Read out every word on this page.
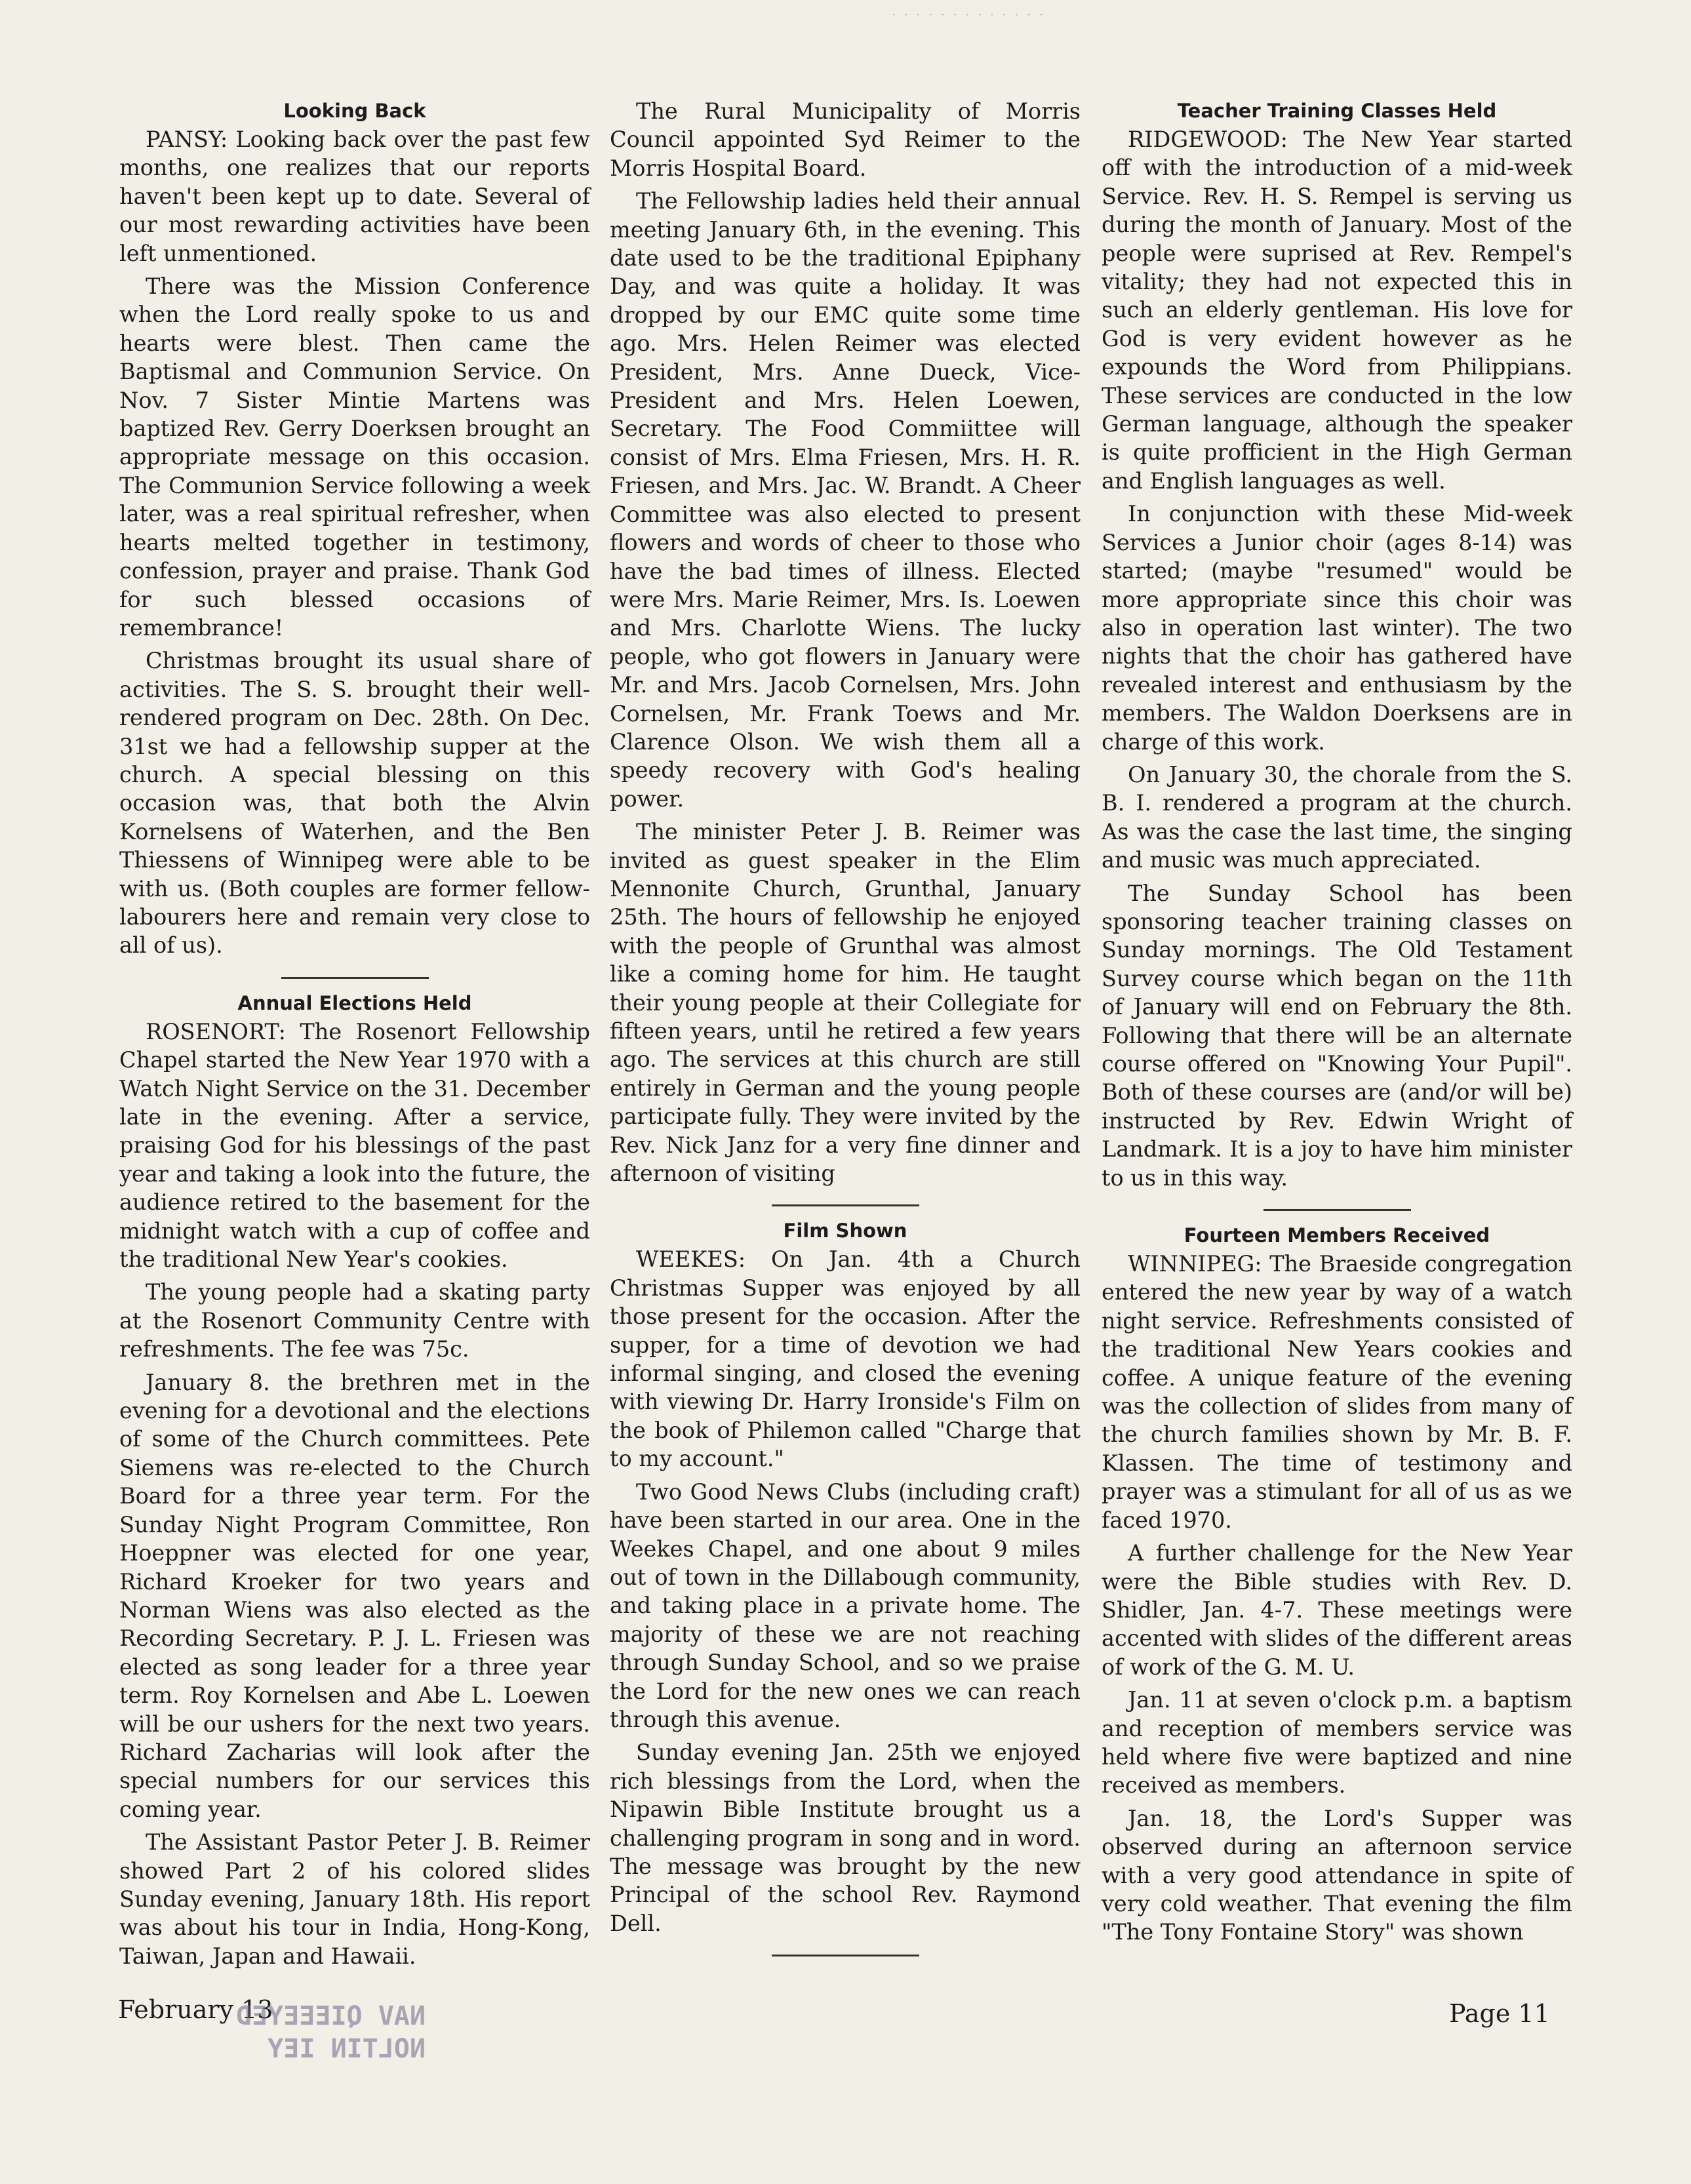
· · · · · · · · · · · · ·
Looking Back

PANSY: Looking back over the past few months, one realizes that our reports haven't been kept up to date. Several of our most rewarding activities have been left unmentioned.

There was the Mission Conference when the Lord really spoke to us and hearts were blest. Then came the Baptismal and Communion Service. On Nov. 7 Sister Mintie Martens was baptized Rev. Gerry Doerksen brought an appropriate message on this occasion. The Communion Service following a week later, was a real spiritual refresher, when hearts melted together in testimony, confession, prayer and praise. Thank God for such blessed occasions of remembrance!

Christmas brought its usual share of activities. The S. S. brought their well-rendered program on Dec. 28th. On Dec. 31st we had a fellowship supper at the church. A special blessing on this occasion was, that both the Alvin Kornelsens of Waterhen, and the Ben Thiessens of Winnipeg were able to be with us. (Both couples are former fellow-labourers here and remain very close to all of us).

Annual Elections Held

ROSENORT: The Rosenort Fellowship Chapel started the New Year 1970 with a Watch Night Service on the 31. December late in the evening. After a service, praising God for his blessings of the past year and taking a look into the future, the audience retired to the basement for the midnight watch with a cup of coffee and the traditional New Year's cookies.

The young people had a skating party at the Rosenort Community Centre with refreshments. The fee was 75c.

January 8. the brethren met in the evening for a devotional and the elections of some of the Church committees. Pete Siemens was re-elected to the Church Board for a three year term. For the Sunday Night Program Committee, Ron Hoeppner was elected for one year, Richard Kroeker for two years and Norman Wiens was also elected as the Recording Secretary. P. J. L. Friesen was elected as song leader for a three year term. Roy Kornelsen and Abe L. Loewen will be our ushers for the next two years. Richard Zacharias will look after the special numbers for our services this coming year.

The Assistant Pastor Peter J. B. Reimer showed Part 2 of his colored slides Sunday evening, January 18th. His report was about his tour in India, Hong-Kong, Taiwan, Japan and Hawaii.

The Rural Municipality of Morris Council appointed Syd Reimer to the Morris Hospital Board.

The Fellowship ladies held their annual meeting January 6th, in the evening. This date used to be the traditional Epiphany Day, and was quite a holiday. It was dropped by our EMC quite some time ago. Mrs. Helen Reimer was elected President, Mrs. Anne Dueck, Vice-President and Mrs. Helen Loewen, Secretary. The Food Commiittee will consist of Mrs. Elma Friesen, Mrs. H. R. Friesen, and Mrs. Jac. W. Brandt. A Cheer Committee was also elected to present flowers and words of cheer to those who have the bad times of illness. Elected were Mrs. Marie Reimer, Mrs. Is. Loewen and Mrs. Charlotte Wiens. The lucky people, who got flowers in January were Mr. and Mrs. Jacob Cornelsen, Mrs. John Cornelsen, Mr. Frank Toews and Mr. Clarence Olson. We wish them all a speedy recovery with God's healing power.

The minister Peter J. B. Reimer was invited as guest speaker in the Elim Mennonite Church, Grunthal, January 25th. The hours of fellowship he enjoyed with the people of Grunthal was almost like a coming home for him. He taught their young people at their Collegiate for fifteen years, until he retired a few years ago. The services at this church are still entirely in German and the young people participate fully. They were invited by the Rev. Nick Janz for a very fine dinner and afternoon of visiting

Film Shown

WEEKES: On Jan. 4th a Church Christmas Supper was enjoyed by all those present for the occasion. After the supper, for a time of devotion we had informal singing, and closed the evening with viewing Dr. Harry Ironside's Film on the book of Philemon called "Charge that to my account."

Two Good News Clubs (including craft) have been started in our area. One in the Weekes Chapel, and one about 9 miles out of town in the Dillabough community, and taking place in a private home. The majority of these we are not reaching through Sunday School, and so we praise the Lord for the new ones we can reach through this avenue.

Sunday evening Jan. 25th we enjoyed rich blessings from the Lord, when the Nipawin Bible Institute brought us a challenging program in song and in word. The message was brought by the new Principal of the school Rev. Raymond Dell.

Teacher Training Classes Held

RIDGEWOOD: The New Year started off with the introduction of a mid-week Service. Rev. H. S. Rempel is serving us during the month of January. Most of the people were suprised at Rev. Rempel's vitality; they had not expected this in such an elderly gentleman. His love for God is very evident however as he expounds the Word from Philippians. These services are conducted in the low German language, although the speaker is quite profficient in the High German and English languages as well.

In conjunction with these Mid-week Services a Junior choir (ages 8-14) was started; (maybe "resumed" would be more appropriate since this choir was also in operation last winter). The two nights that the choir has gathered have revealed interest and enthusiasm by the members. The Waldon Doerksens are in charge of this work.

On January 30, the chorale from the S. B. I. rendered a program at the church. As was the case the last time, the singing and music was much appreciated.

The Sunday School has been sponsoring teacher training classes on Sunday mornings. The Old Testament Survey course which began on the 11th of January will end on February the 8th. Following that there will be an alternate course offered on "Knowing Your Pupil". Both of these courses are (and/or will be) instructed by Rev. Edwin Wright of Landmark. It is a joy to have him minister to us in this way.

Fourteen Members Received

WINNIPEG: The Braeside congregation entered the new year by way of a watch night service. Refreshments consisted of the traditional New Years cookies and coffee. A unique feature of the evening was the collection of slides from many of the church families shown by Mr. B. F. Klassen. The time of testimony and prayer was a stimulant for all of us as we faced 1970.

A further challenge for the New Year were the Bible studies with Rev. D. Shidler, Jan. 4-7. These meetings were accented with slides of the different areas of work of the G. M. U.

Jan. 11 at seven o'clock p.m. a baptism and reception of members service was held where five were baptized and nine received as members.

Jan. 18, the Lord's Supper was observed during an afternoon service with a very good attendance in spite of very cold weather. That evening the film "The Tony Fontaine Story" was shown

February 13
NAV QIEEEYED
NOLTIN IEY
Page 11
